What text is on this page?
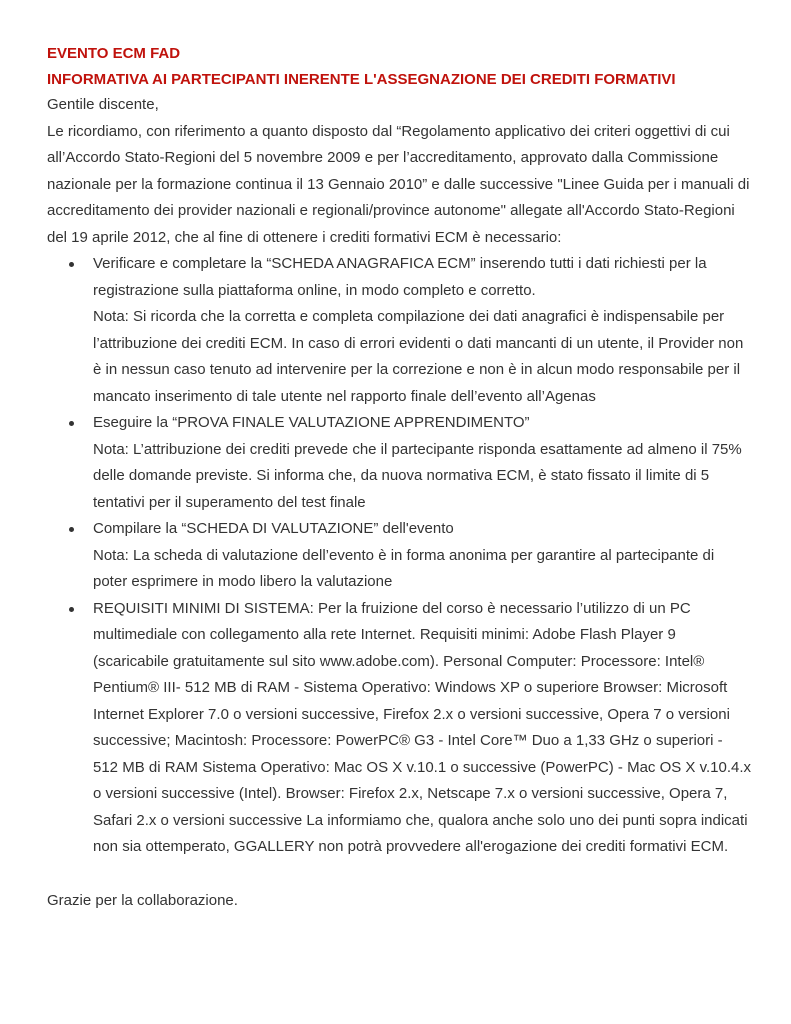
EVENTO ECM FAD

INFORMATIVA AI PARTECIPANTI INERENTE L'ASSEGNAZIONE DEI CREDITI FORMATIVI

Gentile discente,

Le ricordiamo, con riferimento a quanto disposto dal “Regolamento applicativo dei criteri oggettivi di cui all’Accordo Stato-Regioni del 5 novembre 2009 e per l’accreditamento, approvato dalla Commissione nazionale per la formazione continua il 13 Gennaio 2010” e dalle successive "Linee Guida per i manuali di accreditamento dei provider nazionali e regionali/province autonome" allegate all'Accordo Stato-Regioni del 19 aprile 2012, che al fine di ottenere i crediti formativi ECM è necessario:

Verificare e completare la “SCHEDA ANAGRAFICA ECM” inserendo tutti i dati richiesti per la registrazione sulla piattaforma online, in modo completo e corretto.
Nota: Si ricorda che la corretta e completa compilazione dei dati anagrafici è indispensabile per l’attribuzione dei crediti ECM. In caso di errori evidenti o dati mancanti di un utente, il Provider non è in nessun caso tenuto ad intervenire per la correzione e non è in alcun modo responsabile per il mancato inserimento di tale utente nel rapporto finale dell’evento all’Agenas
Eseguire la “PROVA FINALE VALUTAZIONE APPRENDIMENTO”
Nota: L’attribuzione dei crediti prevede che il partecipante risponda esattamente ad almeno il 75% delle domande previste. Si informa che, da nuova normativa ECM, è stato fissato il limite di 5 tentativi per il superamento del test finale
Compilare la “SCHEDA DI VALUTAZIONE” dell'evento
Nota: La scheda di valutazione dell’evento è in forma anonima per garantire al partecipante di poter esprimere in modo libero la valutazione
REQUISITI MINIMI DI SISTEMA: Per la fruizione del corso è necessario l’utilizzo di un PC multimediale con collegamento alla rete Internet. Requisiti minimi: Adobe Flash Player 9 (scaricabile gratuitamente sul sito www.adobe.com). Personal Computer: Processore: Intel® Pentium® III- 512 MB di RAM - Sistema Operativo: Windows XP o superiore Browser: Microsoft Internet Explorer 7.0 o versioni successive, Firefox 2.x o versioni successive, Opera 7 o versioni successive; Macintosh: Processore: PowerPC® G3 - Intel Core™ Duo a 1,33 GHz o superiori - 512 MB di RAM Sistema Operativo: Mac OS X v.10.1 o successive (PowerPC) - Mac OS X v.10.4.x o versioni successive (Intel). Browser: Firefox 2.x, Netscape 7.x o versioni successive, Opera 7, Safari 2.x o versioni successive La informiamo che, qualora anche solo uno dei punti sopra indicati non sia ottemperato, GGALLERY non potrà provvedere all'erogazione dei crediti formativi ECM.

Grazie per la collaborazione.
